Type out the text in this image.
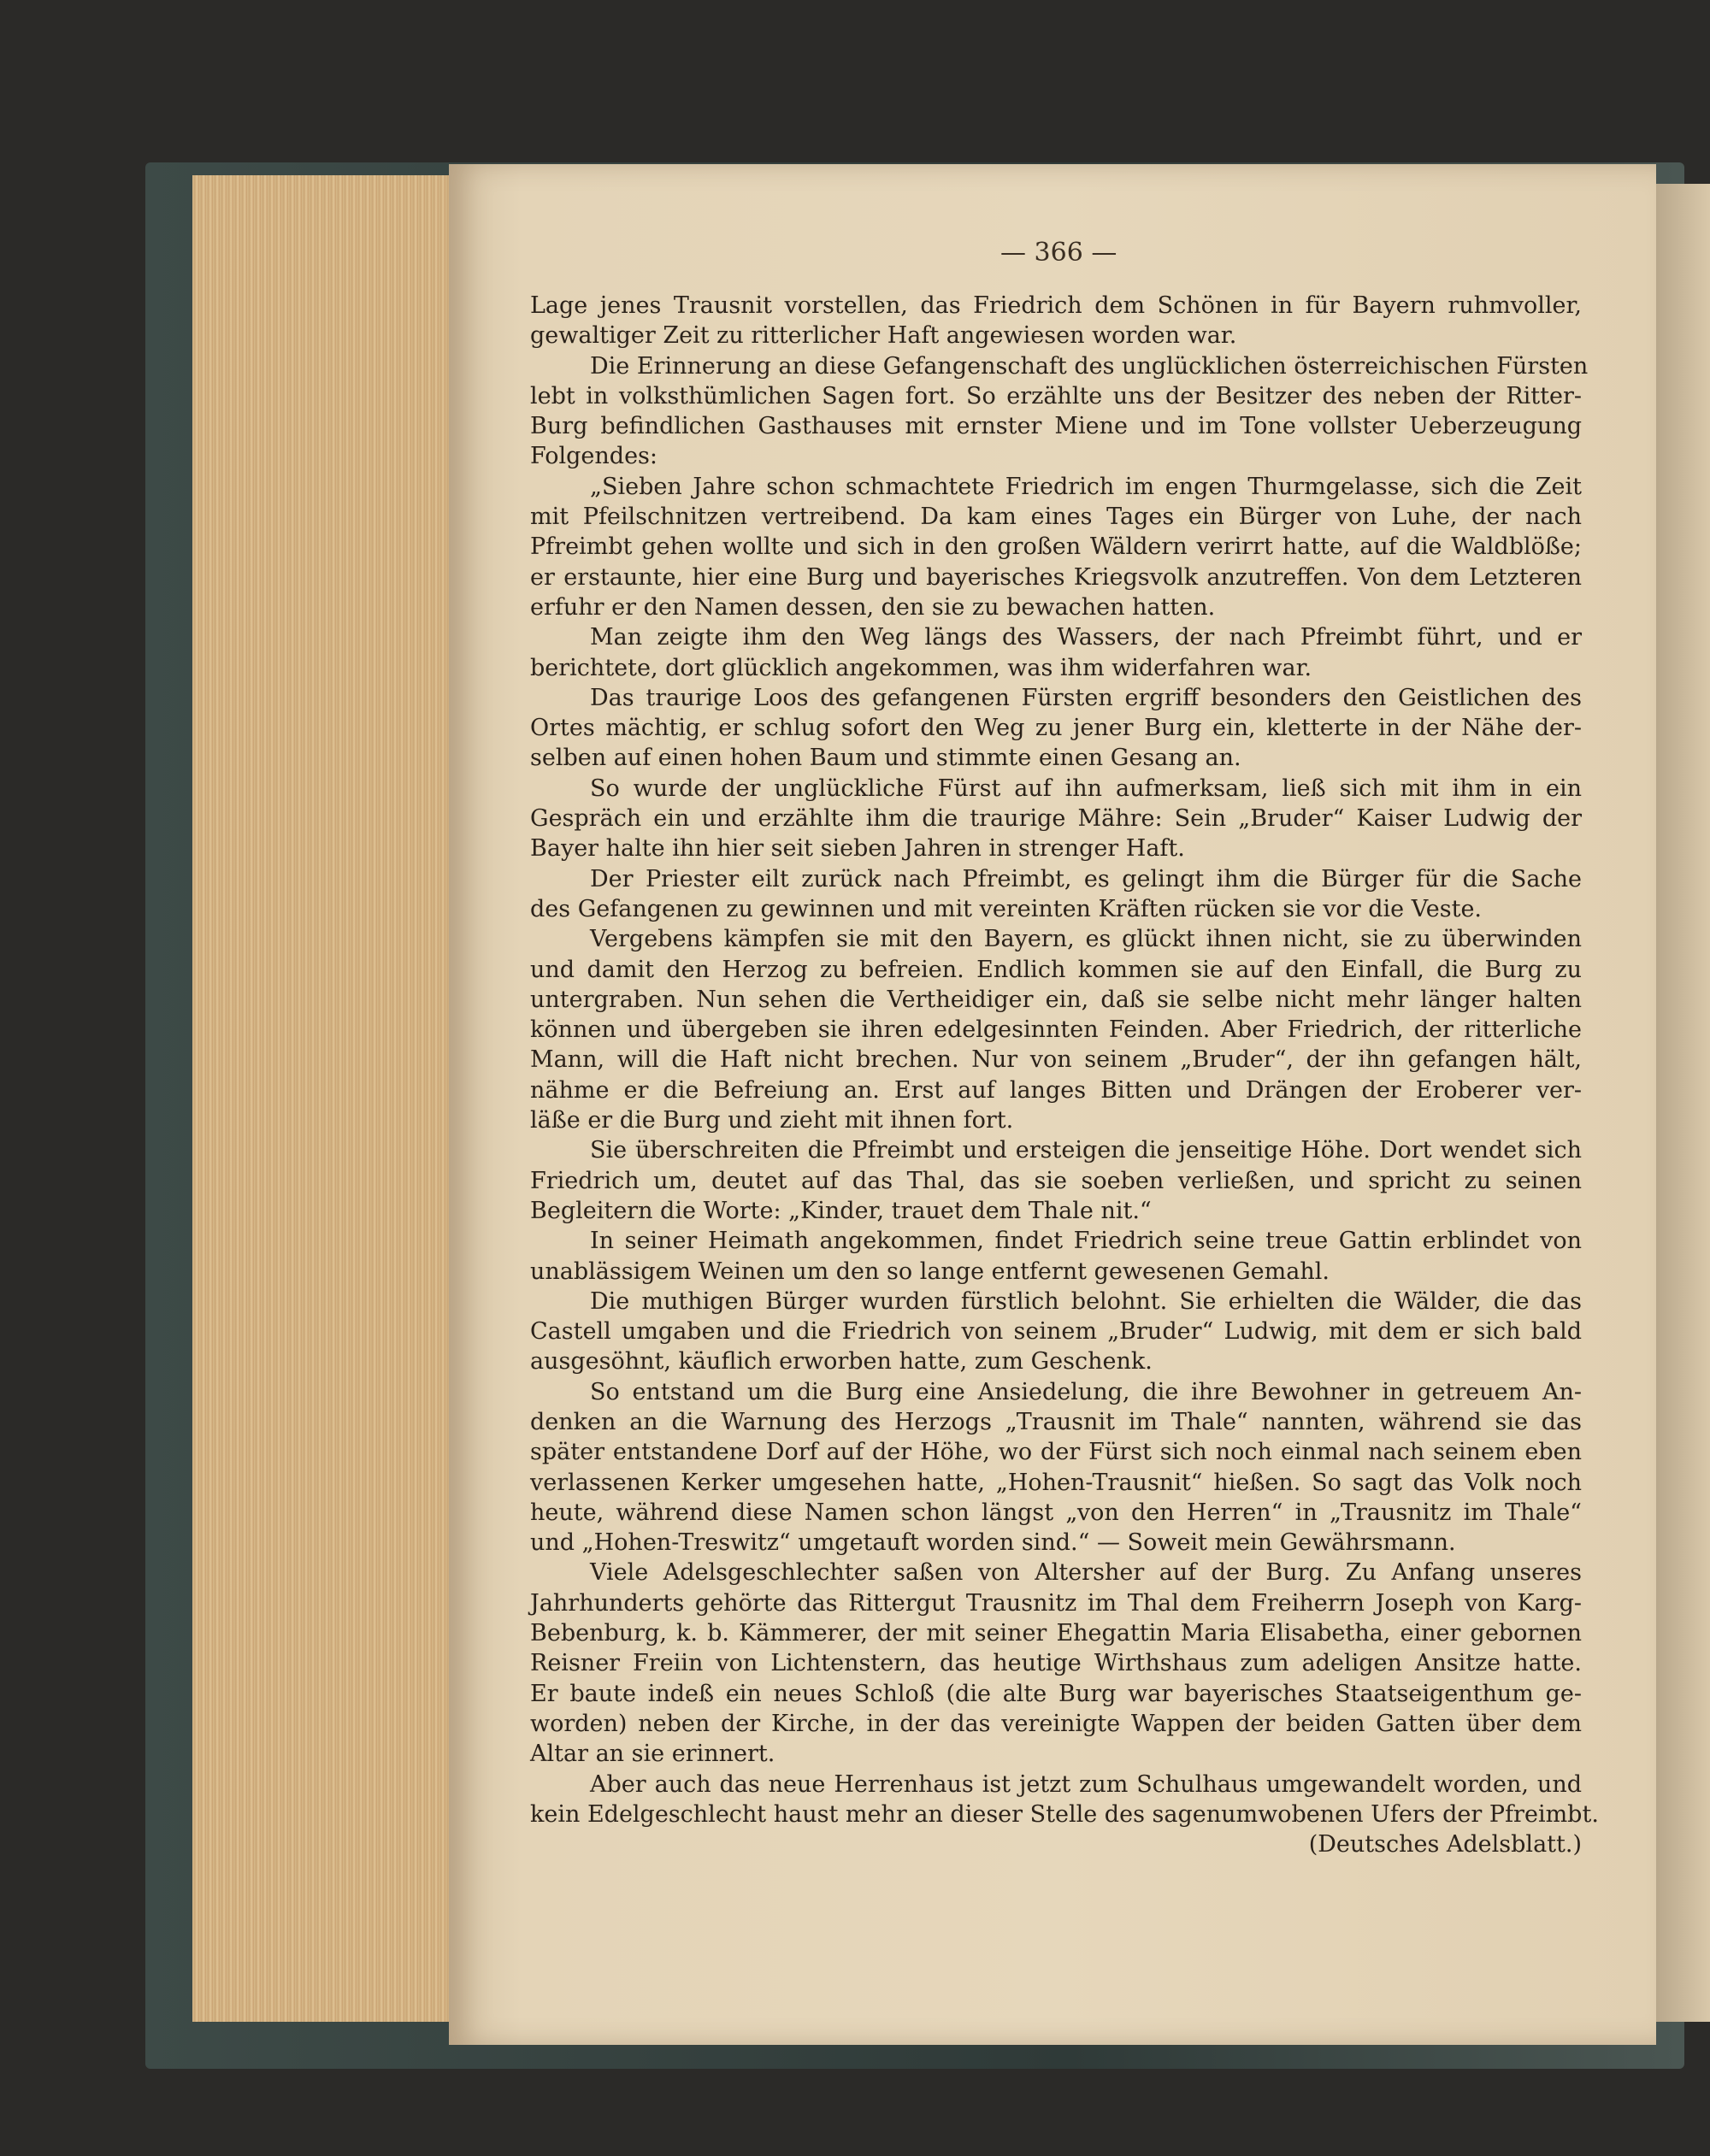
— 366 —
Lage jenes Trausnit vorstellen, das Friedrich dem Schönen in für Bayern ruhmvoller,
gewaltiger Zeit zu ritterlicher Haft angewiesen worden war.
Die Erinnerung an diese Gefangenschaft des unglücklichen österreichischen Fürsten
lebt in volksthümlichen Sagen fort. So erzählte uns der Besitzer des neben der Ritter-
Burg befindlichen Gasthauses mit ernster Miene und im Tone vollster Ueberzeugung
Folgendes:
„Sieben Jahre schon schmachtete Friedrich im engen Thurmgelasse, sich die Zeit
mit Pfeilschnitzen vertreibend. Da kam eines Tages ein Bürger von Luhe, der nach
Pfreimbt gehen wollte und sich in den großen Wäldern verirrt hatte, auf die Waldblöße;
er erstaunte, hier eine Burg und bayerisches Kriegsvolk anzutreffen. Von dem Letzteren
erfuhr er den Namen dessen, den sie zu bewachen hatten.
Man zeigte ihm den Weg längs des Wassers, der nach Pfreimbt führt, und er
berichtete, dort glücklich angekommen, was ihm widerfahren war.
Das traurige Loos des gefangenen Fürsten ergriff besonders den Geistlichen des
Ortes mächtig, er schlug sofort den Weg zu jener Burg ein, kletterte in der Nähe der-
selben auf einen hohen Baum und stimmte einen Gesang an.
So wurde der unglückliche Fürst auf ihn aufmerksam, ließ sich mit ihm in ein
Gespräch ein und erzählte ihm die traurige Mähre: Sein „Bruder“ Kaiser Ludwig der
Bayer halte ihn hier seit sieben Jahren in strenger Haft.
Der Priester eilt zurück nach Pfreimbt, es gelingt ihm die Bürger für die Sache
des Gefangenen zu gewinnen und mit vereinten Kräften rücken sie vor die Veste.
Vergebens kämpfen sie mit den Bayern, es glückt ihnen nicht, sie zu überwinden
und damit den Herzog zu befreien. Endlich kommen sie auf den Einfall, die Burg zu
untergraben. Nun sehen die Vertheidiger ein, daß sie selbe nicht mehr länger halten
können und übergeben sie ihren edelgesinnten Feinden. Aber Friedrich, der ritterliche
Mann, will die Haft nicht brechen. Nur von seinem „Bruder“, der ihn gefangen hält,
nähme er die Befreiung an. Erst auf langes Bitten und Drängen der Eroberer ver-
läße er die Burg und zieht mit ihnen fort.
Sie überschreiten die Pfreimbt und ersteigen die jenseitige Höhe. Dort wendet sich
Friedrich um, deutet auf das Thal, das sie soeben verließen, und spricht zu seinen
Begleitern die Worte: „Kinder, trauet dem Thale nit.“
In seiner Heimath angekommen, findet Friedrich seine treue Gattin erblindet von
unablässigem Weinen um den so lange entfernt gewesenen Gemahl.
Die muthigen Bürger wurden fürstlich belohnt. Sie erhielten die Wälder, die das
Castell umgaben und die Friedrich von seinem „Bruder“ Ludwig, mit dem er sich bald
ausgesöhnt, käuflich erworben hatte, zum Geschenk.
So entstand um die Burg eine Ansiedelung, die ihre Bewohner in getreuem An-
denken an die Warnung des Herzogs „Trausnit im Thale“ nannten, während sie das
später entstandene Dorf auf der Höhe, wo der Fürst sich noch einmal nach seinem eben
verlassenen Kerker umgesehen hatte, „Hohen-Trausnit“ hießen. So sagt das Volk noch
heute, während diese Namen schon längst „von den Herren“ in „Trausnitz im Thale“
und „Hohen-Treswitz“ umgetauft worden sind.“ — Soweit mein Gewährsmann.
Viele Adelsgeschlechter saßen von Altersher auf der Burg. Zu Anfang unseres
Jahrhunderts gehörte das Rittergut Trausnitz im Thal dem Freiherrn Joseph von Karg-
Bebenburg, k. b. Kämmerer, der mit seiner Ehegattin Maria Elisabetha, einer gebornen
Reisner Freiin von Lichtenstern, das heutige Wirthshaus zum adeligen Ansitze hatte.
Er baute indeß ein neues Schloß (die alte Burg war bayerisches Staatseigenthum ge-
worden) neben der Kirche, in der das vereinigte Wappen der beiden Gatten über dem
Altar an sie erinnert.
Aber auch das neue Herrenhaus ist jetzt zum Schulhaus umgewandelt worden, und
kein Edelgeschlecht haust mehr an dieser Stelle des sagenumwobenen Ufers der Pfreimbt.
(Deutsches Adelsblatt.)
